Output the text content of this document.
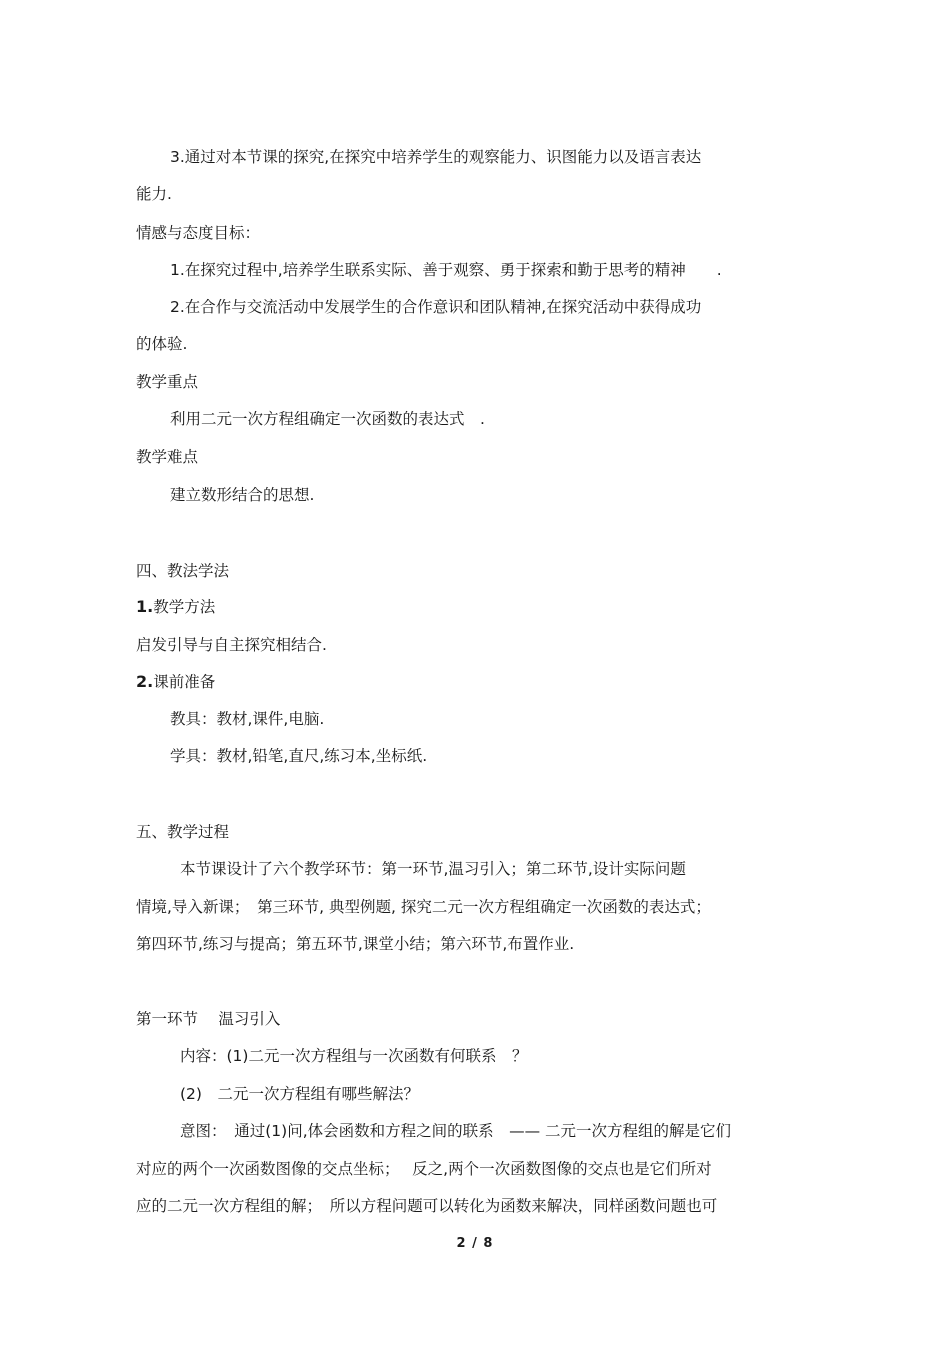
3.通过对本节课的探究,在探究中培养学生的观察能力、识图能力以及语言表达
能力.
情感与态度目标：
1.在探究过程中,培养学生联系实际、善于观察、勇于探索和勤于思考的精神　　.
2.在合作与交流活动中发展学生的合作意识和团队精神,在探究活动中获得成功
的体验.
教学重点
利用二元一次方程组确定一次函数的表达式　.
教学难点
建立数形结合的思想.
四、教法学法
1.教学方法
启发引导与自主探究相结合.
2.课前准备
教具：教材,课件,电脑.
学具：教材,铅笔,直尺,练习本,坐标纸.
五、教学过程
本节课设计了六个教学环节：第一环节,温习引入；第二环节,设计实际问题
情境,导入新课；　第三环节, 典型例题, 探究二元一次方程组确定一次函数的表达式；
第四环节,练习与提高；第五环节,课堂小结；第六环节,布置作业.
第一环节　 温习引入
内容：(1)二元一次方程组与一次函数有何联系　？
(2)　二元一次方程组有哪些解法？
意图：　通过(1)问,体会函数和方程之间的联系　—— 二元一次方程组的解是它们
对应的两个一次函数图像的交点坐标；　 反之,两个一次函数图像的交点也是它们所对
应的二元一次方程组的解；　所以方程问题可以转化为函数来解决，同样函数问题也可
2 / 8
